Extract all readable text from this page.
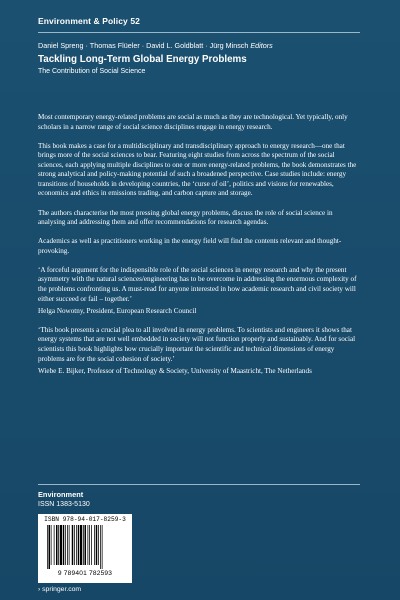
Environment & Policy 52
Daniel Spreng · Thomas Flüeler · David L. Goldblatt · Jürg Minsch Editors
Tackling Long-Term Global Energy Problems
The Contribution of Social Science

Most contemporary energy-related problems are social as much as they are technological. Yet typically, only scholars in a narrow range of social science disciplines engage in energy research.

This book makes a case for a multidisciplinary and transdisciplinary approach to energy research—one that brings more of the social sciences to bear. Featuring eight studies from across the spectrum of the social sciences, each applying multiple disciplines to one or more energy-related problems, the book demonstrates the strong analytical and policy-making potential of such a broadened perspective. Case studies include: energy transitions of households in developing countries, the ‘curse of oil’, politics and visions for renewables, economics and ethics in emissions trading, and carbon capture and storage.

The authors characterise the most pressing global energy problems, discuss the role of social science in analysing and addressing them and offer recommendations for research agendas.

Academics as well as practitioners working in the energy field will find the contents relevant and thought-provoking.

‘A forceful argument for the indispensible role of the social sciences in energy research and why the present asymmetry with the natural sciences/engineering has to be overcome in addressing the enormous complexity of the problems confronting us. A must-read for anyone interested in how academic research and civil society will either succeed or fail – together.’

Helga Nowotny, President, European Research Council

‘This book presents a crucial plea to all involved in energy problems. To scientists and engineers it shows that energy systems that are not well embedded in society will not function properly and sustainably. And for social scientists this book highlights how crucially important the scientific and technical dimensions of energy problems are for the social cohesion of society.’

Wiebe E. Bijker, Professor of Technology & Society, University of Maastricht, The Netherlands

Environment
ISSN 1383-5130
ISBN 978-94-017-8259-3
9 789401 782593
› springer.com
